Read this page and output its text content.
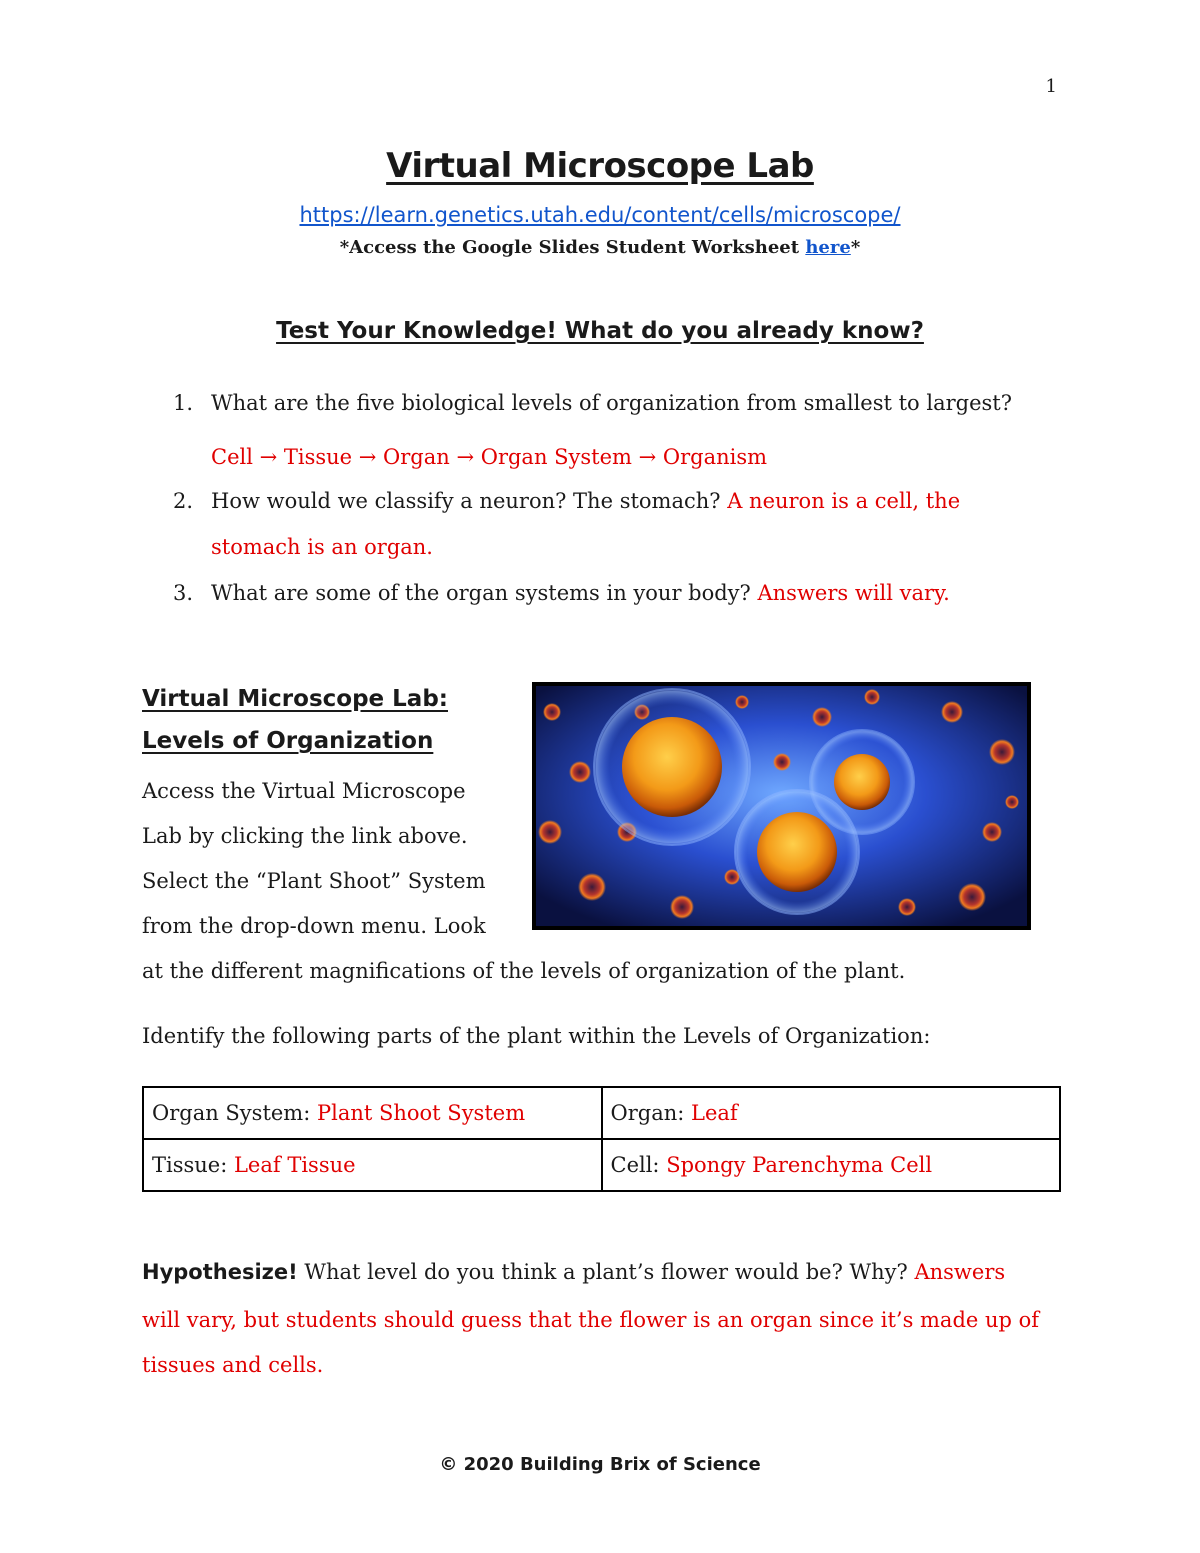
1
Virtual Microscope Lab
https://learn.genetics.utah.edu/content/cells/microscope/
*Access the Google Slides Student Worksheet here*
Test Your Knowledge! What do you already know?
1. What are the five biological levels of organization from smallest to largest?
Cell → Tissue → Organ → Organ System → Organism
2. How would we classify a neuron? The stomach? A neuron is a cell, the stomach is an organ.
3. What are some of the organ systems in your body? Answers will vary.
Virtual Microscope Lab:
Levels of Organization
Access the Virtual Microscope
Lab by clicking the link above.
Select the “Plant Shoot” System
from the drop-down menu. Look
at the different magnifications of the levels of organization of the plant.
Identify the following parts of the plant within the Levels of Organization:
Organ System: Plant Shoot System	Organ: Leaf
Tissue: Leaf Tissue	Cell: Spongy Parenchyma Cell
Hypothesize! What level do you think a plant’s flower would be? Why? Answers
will vary, but students should guess that the flower is an organ since it’s made up of
tissues and cells.
© 2020 Building Brix of Science
